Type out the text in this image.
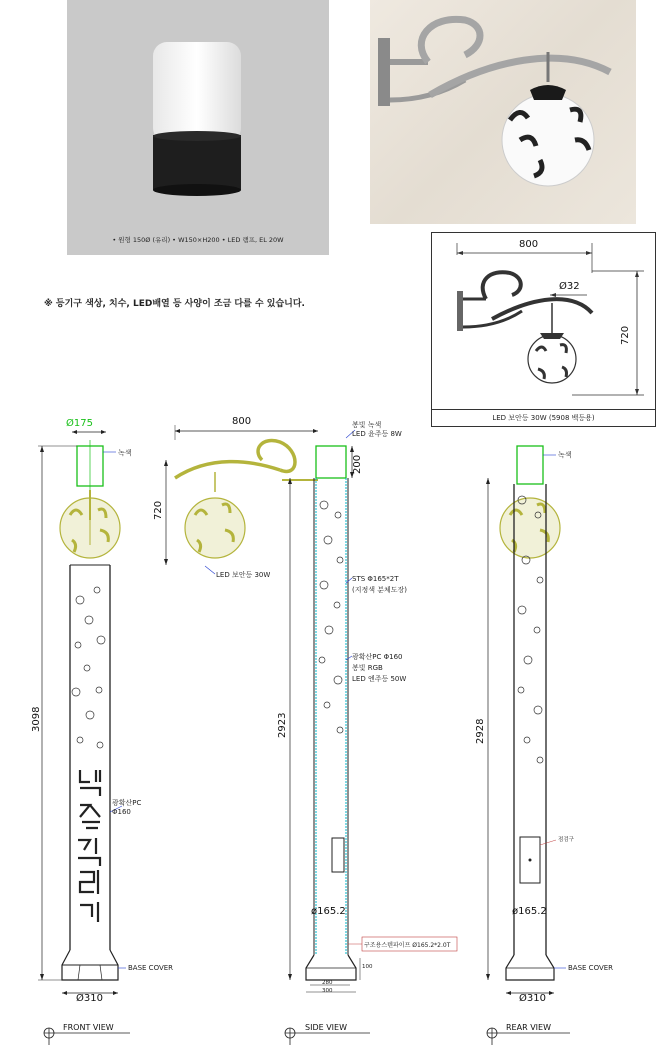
• 원형 150Ø (유리) • W150×H200 • LED 램프, EL 20W	800
Ø32
720
LED 보안등 30W (5908 백등용)
※ 등기구 색상, 치수, LED배열 등 사양이 조금 다를 수 있습니다.
Ø175
녹색
3098
광확산PC
Φ160
BASE COVER
Ø310
FRONT VIEW
800
720
200
봉빛 녹색
LED 윤주등 8W
LED 보안등 30W	STS Φ165*2T
(지정색 분체도장)
광확산PC Φ160
봉빛 RGB
LED 엔주등 50W
2923
ø165.2
구조용스텐파이프 Ø165.2*2.0T
280
300
100
SIDE VIEW
녹색
2928
점검구
ø165.2
BASE COVER
Ø310
REAR VIEW
